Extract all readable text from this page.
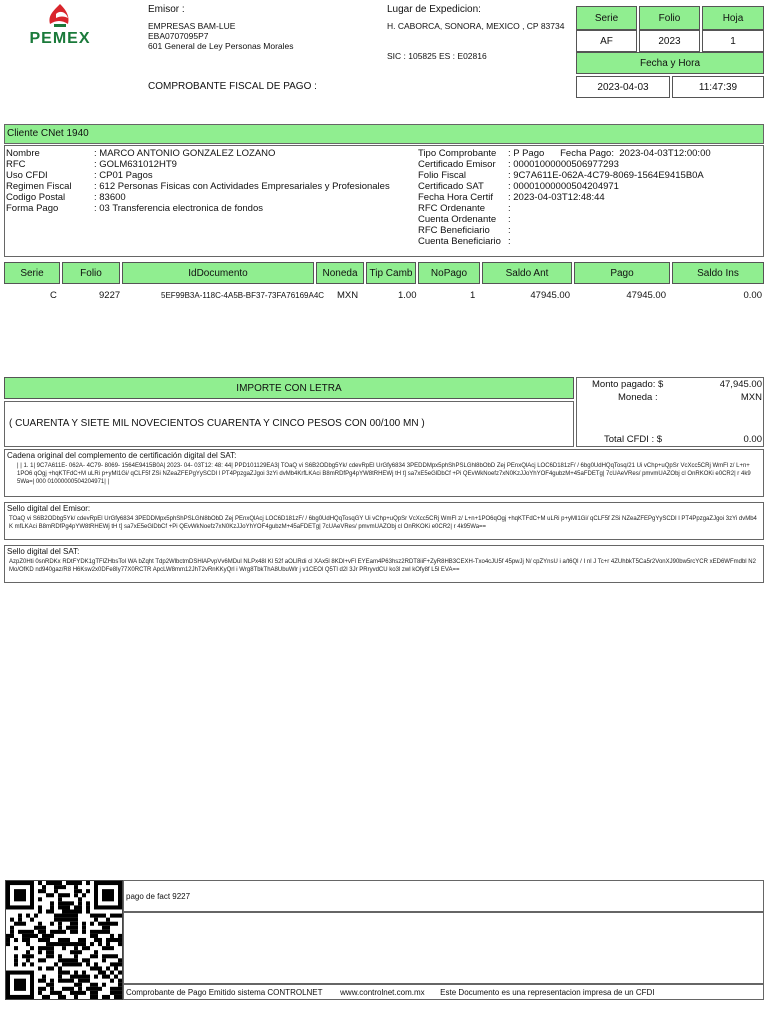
PEMEX
Emisor :
EMPRESAS BAM-LUE
EBA0707095P7
601 General de Ley Personas Morales
Lugar de Expedicion:
H. CABORCA, SONORA, MEXICO , CP 83734
SIC : 105825 ES : E02816
COMPROBANTE FISCAL DE PAGO :
Serie	Folio	Hoja
AF	2023	1
Fecha y Hora
2023-04-03	11:47:39
Cliente CNet 1940
Nombre	: MARCO ANTONIO GONZALEZ LOZANO
RFC	: GOLM631012HT9
Uso CFDI	: CP01 Pagos
Regimen Fiscal	: 612 Personas Fisicas con Actividades Empresariales y Profesionales
Codigo Postal	: 83600
Forma Pago	: 03 Transferencia electronica de fondos
Tipo Comprobante	: P Pago      Fecha Pago:  2023-04-03T12:00:00
Certificado Emisor	: 00001000000506977293
Folio Fiscal	: 9C7A611E-062A-4C79-8069-1564E9415B0A
Certificado SAT	: 00001000000504204971
Fecha Hora Certif	: 2023-04-03T12:48:44
RFC Ordenante	:
Cuenta Ordenante	:
RFC Beneficiario	:
Cuenta Beneficiario :
Serie	Folio	IdDocumento	Noneda	Tip Camb	NoPago	Saldo Ant	Pago	Saldo Ins
C	9227	5EF99B3A-118C-4A5B-BF37-73FA76169A4C MXN	1.00	1	47945.00	47945.00	0.00
IMPORTE CON LETRA
( CUARENTA Y SIETE MIL NOVECIENTOS CUARENTA Y CINCO PESOS CON 00/100 MN )
Monto pagado: $	47,945.00
Moneda :	MXN
Total CFDI : $	0.00
Cadena original del complemento de certificación digital del SAT:
| | 1. 1| 9C7A611E- 062A- 4C79- 8069- 1564E9415B0A| 2023- 04- 03T12: 48: 44| PPD101129EA3| TOaQ vi S6B2ODbg5Yk/ cdevRpEl UrGfy6834 3PEDDMpx5phShPSLGhl8bObD Zej PEnxQlAcj LOC6D181zF/ / 6bg0UdHQqTosq/21 Ui vChp+uQpSr VcXcc5CRj WmFl z/ L+n+1PO6 qOgj +hqKTFdC+M uLRi p+yMl1Gi/ qCLF5f ZSi NZeaZFEPgYySCDI l PT4PpzgaZJgoi 3zYi dvMb4KrfLKAci B8mRDfPg4pYW8tRHEWj tH t] sa7xE5eGlDbCf +Pi QEvWkNoefz7xN0KzJJoYhYOF4gubzM+45aFDETg| 7cUAeVRes/ pmvmUAZObj cl OnRKOKi e0CR2| r 4k95Wa=| 000 01000000504204971| |
Sello digital del Emisor:
TOaQ vi S6B2ODbg5Yk/ cdevRpEl UrGfy6834 3PEDDMpx5phShPSLGhl8bObD Zej PEnxQlAcj LOC6D181zF/ / 6bg0UdHQqTosqGY Ui vChp+uQpSr VcXcc5CRj WmFl z/ L+n+1PO6qOgj +hqKTFdC+M uLRi p+yMl1Gi/ qCLF5f ZSi NZeaZFEPgYySCDI l PT4PpzgaZJgoi 3zYi dvMb4K mfLKAci B8mRDfPg4pYW8tRHEWj tH t] sa7xE5eGlDbCf +Pi QEvWkNoefz7xN0KzJJoYhYOF4gubzM+45aFDETg| 7cUAeVRes/ pmvmUAZObj cl OnRKOKi e0CR2| r 4k95Wa==
Sello digital del SAT:
AzpZ0Hti 0snRDKx RDtFYDK1gTFlZHbsTol WA bZqht Tdp2WlbctmDSHlAPvpVv6MDul NLPx48l Kl 52f aOLlRdi cl XAx5l 8KDl+vFl EYEam4P63hsz2RDT8iiF+ZyR8HB3CEXH-Txo4cJU5f 45pwJj N/ cpZYnsU i a/t6Ql / I nl J Tc+r 4ZUhbkT5Ca5r2VonXJ90bw5rcYCR xED6WFmdbl N2 Mo/OfKD nd940gaz/R8 H6Ksw2x0DFe8Iy77X0RCTR ApcLW8mm12JhT2vRnKKyQrl i Wrg8TbkThA8UbuWlr j v1CEOl Q5Tl d2l 3Jr PRryvdCU ko3l zwl kOfy8f L5l EVA==
pago de fact 9227
Comprobante de Pago Emitido sistema CONTROLNET        www.controlnet.com.mx       Este Documento es una representacion impresa de un CFDI
